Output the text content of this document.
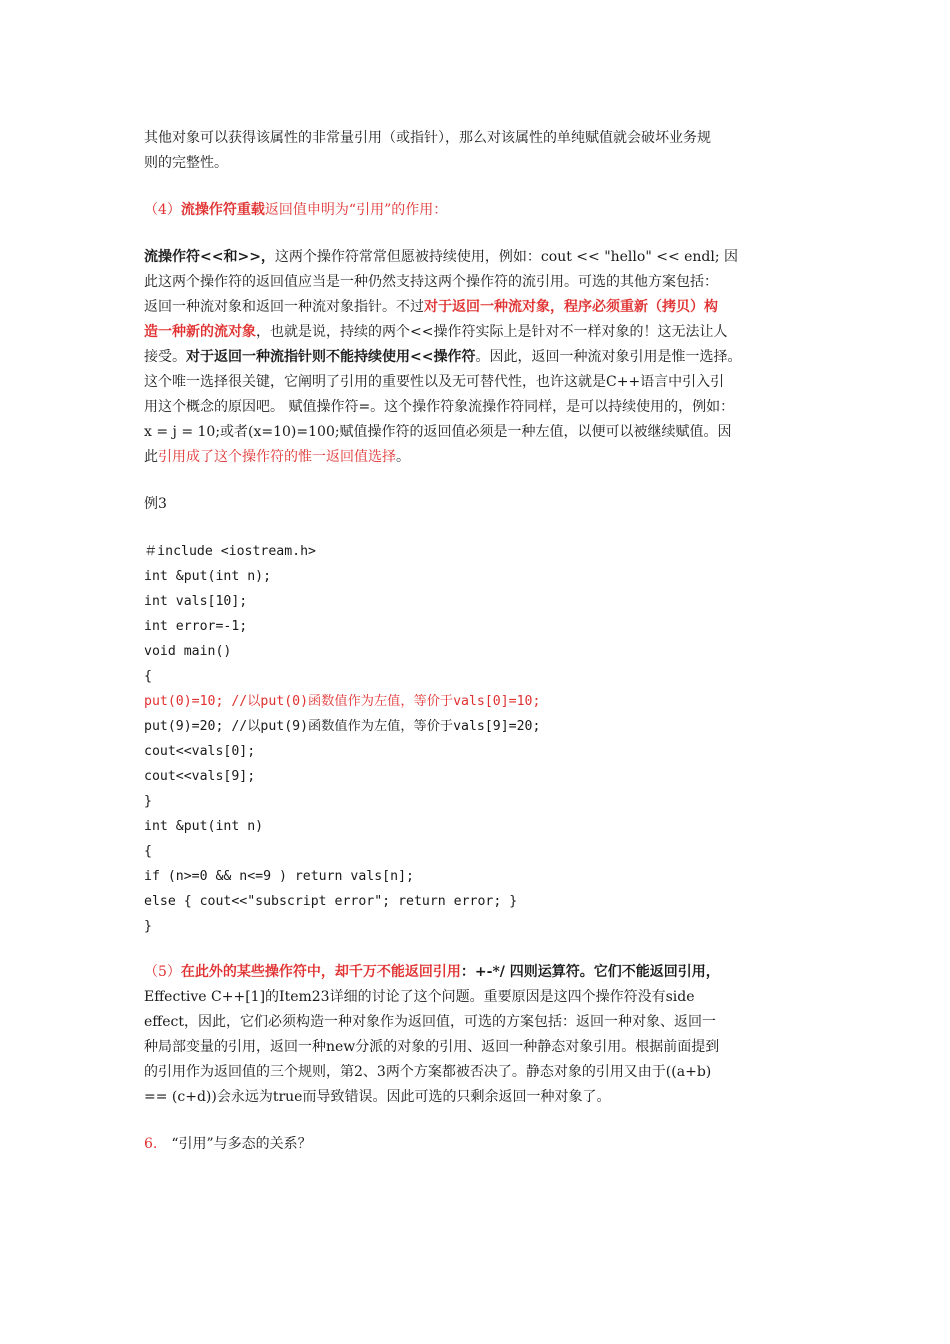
其他对象可以获得该属性的非常量引用（或指针），那么对该属性的单纯赋值就会破坏业务规
则的完整性。
（4）流操作符重载返回值申明为“引用”的作用：
流操作符<<和>>，这两个操作符常常但愿被持续使用，例如：cout << "hello" << endl; 因
此这两个操作符的返回值应当是一种仍然支持这两个操作符的流引用。可选的其他方案包括：
返回一种流对象和返回一种流对象指针。不过对于返回一种流对象，程序必须重新（拷贝）构
造一种新的流对象，也就是说，持续的两个<<操作符实际上是针对不一样对象的！这无法让人
接受。对于返回一种流指针则不能持续使用<<操作符。因此，返回一种流对象引用是惟一选择。
这个唯一选择很关键，它阐明了引用的重要性以及无可替代性，也许这就是C++语言中引入引
用这个概念的原因吧。 赋值操作符=。这个操作符象流操作符同样，是可以持续使用的，例如：
x = j = 10;或者(x=10)=100;赋值操作符的返回值必须是一种左值，以便可以被继续赋值。因
此引用成了这个操作符的惟一返回值选择。
例3
＃include <iostream.h>
int &put(int n);
int vals[10];
int error=-1;
void main()
{
put(0)=10; //以put(0)函数值作为左值，等价于vals[0]=10;
put(9)=20; //以put(9)函数值作为左值，等价于vals[9]=20;
cout<<vals[0];
cout<<vals[9];
}
int &put(int n)
{
if (n>=0 && n<=9 ) return vals[n];
else { cout<<"subscript error"; return error; }
}
（5）在此外的某些操作符中，却千万不能返回引用：+-*/ 四则运算符。它们不能返回引用，
Effective C++[1]的Item23详细的讨论了这个问题。重要原因是这四个操作符没有side
effect，因此，它们必须构造一种对象作为返回值，可选的方案包括：返回一种对象、返回一
种局部变量的引用，返回一种new分派的对象的引用、返回一种静态对象引用。根据前面提到
的引用作为返回值的三个规则，第2、3两个方案都被否决了。静态对象的引用又由于((a+b)
== (c+d))会永远为true而导致错误。因此可选的只剩余返回一种对象了。
6. “引用”与多态的关系？
